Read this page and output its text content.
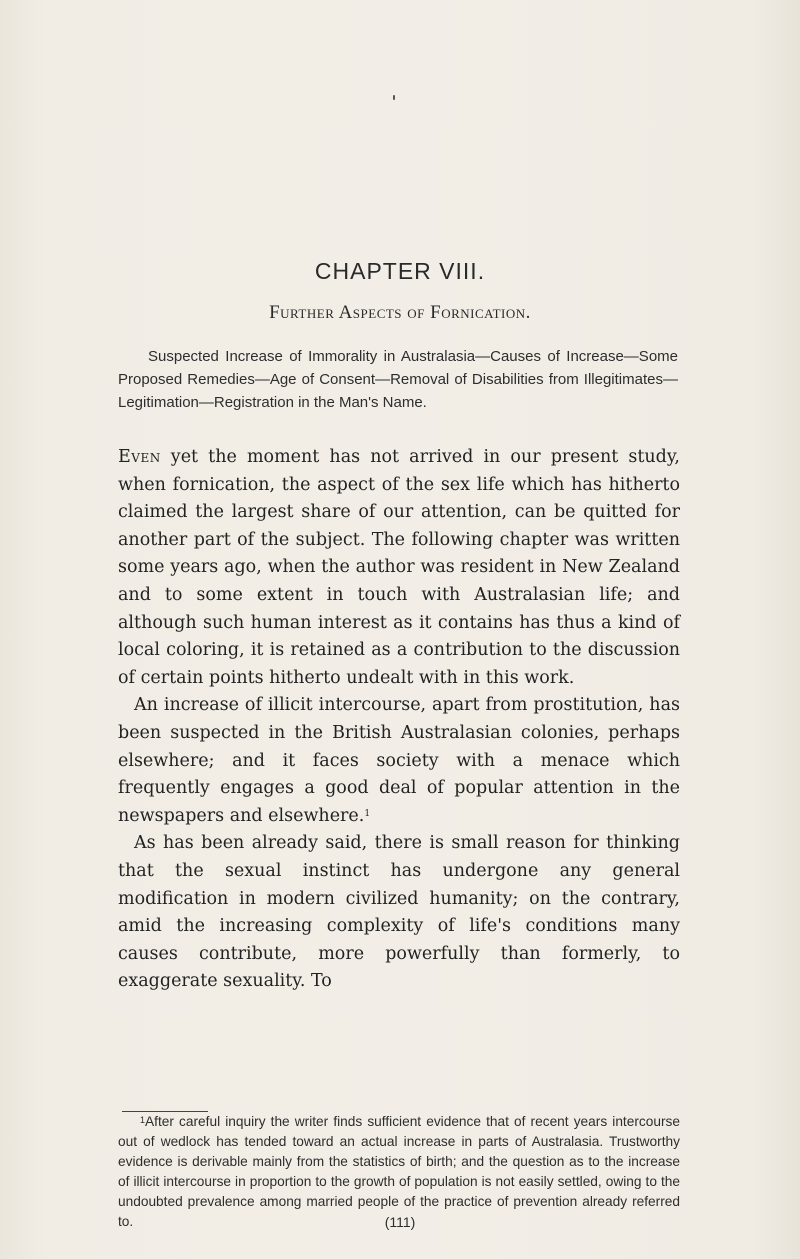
CHAPTER VIII.
Further Aspects of Fornication.
Suspected Increase of Immorality in Australasia—Causes of Increase—Some Proposed Remedies—Age of Consent—Removal of Disabilities from Illegitimates—Legitimation—Registration in the Man's Name.

Even yet the moment has not arrived in our present study, when fornication, the aspect of the sex life which has hitherto claimed the largest share of our attention, can be quitted for another part of the subject. The following chapter was written some years ago, when the author was resident in New Zealand and to some extent in touch with Australasian life; and although such human interest as it contains has thus a kind of local coloring, it is retained as a contribution to the discussion of certain points hitherto undealt with in this work.

An increase of illicit intercourse, apart from prostitution, has been suspected in the British Australasian colonies, perhaps elsewhere; and it faces society with a menace which frequently engages a good deal of popular attention in the newspapers and elsewhere.$^1$

As has been already said, there is small reason for thinking that the sexual instinct has undergone any general modification in modern civilized humanity; on the contrary, amid the increasing complexity of life's conditions many causes contribute, more powerfully than formerly, to exaggerate sexuality. To

$^1$After careful inquiry the writer finds sufficient evidence that of recent years intercourse out of wedlock has tended toward an actual increase in parts of Australasia. Trustworthy evidence is derivable mainly from the statistics of birth; and the question as to the increase of illicit intercourse in proportion to the growth of population is not easily settled, owing to the undoubted prevalence among married people of the practice of prevention already referred to.	(111)
